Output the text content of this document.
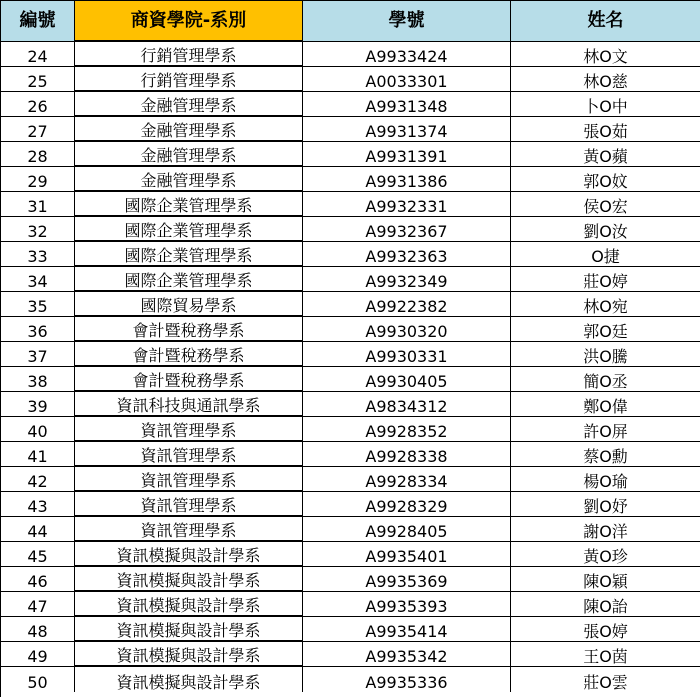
編號	商資學院-系別	學號	姓名
24	行銷管理學系	A9933424	林O文
25	行銷管理學系	A0033301	林O慈
26	金融管理學系	A9931348	卜O中
27	金融管理學系	A9931374	張O茹
28	金融管理學系	A9931391	黃O蘋
29	金融管理學系	A9931386	郭O妏
31	國際企業管理學系	A9932331	侯O宏
32	國際企業管理學系	A9932367	劉O汝
33	國際企業管理學系	A9932363	O捷
34	國際企業管理學系	A9932349	莊O婷
35	國際貿易學系	A9922382	林O宛
36	會計暨稅務學系	A9930320	郭O廷
37	會計暨稅務學系	A9930331	洪O騰
38	會計暨稅務學系	A9930405	簡O丞
39	資訊科技與通訊學系	A9834312	鄭O偉
40	資訊管理學系	A9928352	許O屏
41	資訊管理學系	A9928338	蔡O勳
42	資訊管理學系	A9928334	楊O瑜
43	資訊管理學系	A9928329	劉O妤
44	資訊管理學系	A9928405	謝O洋
45	資訊模擬與設計學系	A9935401	黃O珍
46	資訊模擬與設計學系	A9935369	陳O穎
47	資訊模擬與設計學系	A9935393	陳O詒
48	資訊模擬與設計學系	A9935414	張O婷
49	資訊模擬與設計學系	A9935342	王O茵
50	資訊模擬與設計學系	A9935336	莊O雲
